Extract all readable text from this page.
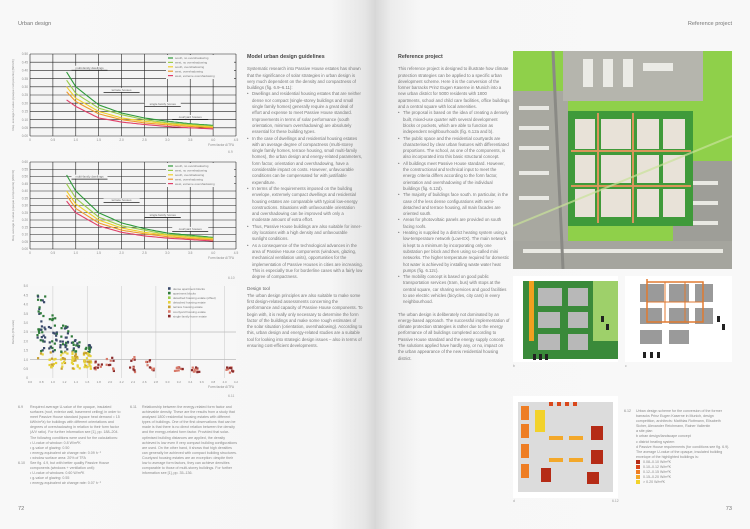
Urban design
0.00
0.05
0.10
0.15
0.20
0.25
0.30
0.35
0.40
0.45
0.50
0	0.5	1.0	1.5	2.0	2.5	3.0	3.5	4.0	4.5
Form factor A/TFA
Req. average U-value (opaque components) [W/m²K]	multi-family dwellings
terrace houses
single family homes
courtyard houses
south, no overshadowing
west, no overshadowing
south, overshadowing
west, overshadowing
west, extreme overshadowing
6.9
0.00
0.05
0.10
0.15
0.20
0.25
0.30
0.35
0.40
0.45
0.50
0.55
0.60
0	0.5	1.0	1.5	2.0	2.5	3.0	3.5	4.0	4.5
Form factor A/TFA
Req. average U-value (opaque components) [W/m²K]	multi-family dwellings
terrace houses
single family homes
courtyard houses
south, no overshadowing
west, no overshadowing
south, overshadowing
west, overshadowing
west, extreme overshadowing
6.10
0
0.5
1.0
1.5
2.0
2.5
3.0
3.5
4.0
4.5
5.0
0.6 0.8 1.0 1.2 1.4 1.6 1.8 2.0 2.2 2.4 2.6 2.8 3.0 3.2 3.4 3.6 3.8 4.0 4.2
Form factor A/TFA
Density (FSI-ratio)
dense apartment blocks
apartment blocks
detached housing estate (offset)
detached housing estate
terrace housing estate
courtyard housing estate
single family home estate
6.11
6.9 Required average U-value of the opaque, insulated surfaces (roof, exterior wall, basement ceiling) in order to meet Passive House standard (space heat demand = 15 kWh/m²a) for buildings with different orientations and degrees of overshadowing in relation to their form factor (A/V ratio). For further information see [1], pp. 188–204. The following conditions were used for the calculations:
• U-value of window: 0.8 W/m²K
• g-value of glazing: 0.50
• energy-equivalent air change rate: 0.09 h⁻¹
• window surface area: 20% of TFA
6.10 See fig. 4.9, but with better quality Passive House components (windows + ventilation unit):
• U-value of windows: 0.60 W/m²K
• g-value of glazing: 0.55
• energy-equivalent air change rate: 0.07 h⁻¹
6.11 Relationship between the energy-related form factor and achievable density. These are the results from a study that analysed 1800 residential housing estates with different types of buildings. One of the first observations that can be made is that there is no direct relation between the density and the energy-related form factor. Provided that solar-optimised building distances are applied, the density achieved is low even if very compact building configurations are used. On the other hand, it shows that high densities can generally be achieved with compact building structures. Courtyard housing estates are an exception: despite their low to average form factors, they can achieve densities comparable to those of multi-storey buildings. For further information see [1], pp. 35–136.
Model urban design guidelines

Systematic research into Passive House estates has shown that the significance of solar strategies in urban design is very much dependent on the density and compactness of buildings (fig. 6.9–6.11):

• Dwellings and residential housing estates that are neither dense nor compact (single-storey buildings and small single family homes) generally require a great deal of effort and expense to meet Passive House standard. Improvements in terms of solar performance (south orientation, minimum overshadowing) are absolutely essential for these building types.
• In the case of dwellings and residential housing estates with an average degree of compactness (multi-storey single family homes, terrace housing, small multi-family homes), the urban design and energy-related parameters, form factor, orientation and overshadowing, have a considerable impact on costs. However, unfavourable conditions can be compensated for with justifiable expenditure.
• In terms of the requirements imposed on the building envelope, extremely compact dwellings and residential housing estates are comparable with typical low-energy constructions. Situations with unfavourable orientation and overshadowing can be improved with only a moderate amount of extra effort.
• Thus, Passive House buildings are also suitable for inner-city locations with a high density and unfavourable sunlight conditions.
• As a consequence of the technological advances in the area of Passive House components (windows, glazing, mechanical ventilation units), opportunities for the implementation of Passive Houses in cities are increasing. This is especially true for borderline cases with a fairly low degree of compactness.
Design tool

The urban design principles are also suitable to make some first design-related assessments concerning the performance and capacity of Passive House components. To begin with, it is really only necessary to determine the form factor of the buildings and make some rough estimates of the solar situation (orientation, overshadowing). According to this, urban design and energy-related studies are a suitable tool for looking into strategic design issues – also in terms of ensuring cost-efficient developments.

72
Reference project
Reference project

This reference project is designed to illustrate how climate protection strategies can be applied to a specific urban development scheme. Here it is the conversion of the former barracks Prinz Eugen Kaserne in Munich into a new urban district for 5000 residents with 1800 apartments, school and child care facilities, office buildings and a central square with local amenities.

• The proposal is based on the idea of creating a densely built, mixed-use quarter with several development blocks or pockets, which are able to function as independent neighbourhoods (fig. 6.12a and b).
• The public space and the residential courtyards are characterised by clear urban features with differentiated proportions. The school, as one of the components, is also incorporated into this basic structural concept.
• All buildings meet Passive House standard. However, the constructional and technical input to meet the energy criteria differs according to the form factor, orientation and overshadowing of the individual buildings (fig. 6.12d).
• The majority of buildings face south. In particular, in the case of the less dense configurations with semi-detached and terrace housing, all main facades are oriented south.
• Areas for photovoltaic panels are provided on south facing roofs.
• Heating is supplied by a district heating system using a low-temperature network (Low-EX). The main network is kept to a minimum by incorporating only one substation per block and then using so-called mini networks. The higher temperature required for domestic hot water is achieved by installing waste water heat pumps (fig. 6.12c).
• The mobility concept is based on good public transportation services (tram, bus) with stops at the central square, car sharing services and good facilities to use electric vehicles (bicycles, city cars) in every neighbourhood.

The urban design is deliberately not dominated by an energy-based approach. The successful implementation of climate protection strategies is rather due to the energy performance of all buildings completed according to Passive House standard and the energy supply concept. The solutions applied have hardly any, or no, impact on the urban appearance of the new residential housing district.

b	c
d	6.12
6.12 Urban design scheme for the conversion of the former barracks Prinz Eugen Kaserne in Munich, design competition, architects: Matthias Rottmann, Elisabeth Sicher, Alexander Reichmann, Rainer Vallentin
a site plan
b urban design/landscape concept
c district heating system
d Passive House requirements (for conditions see fig. 6.9). The average U-value of the opaque, insulated building envelope of the highlighted buildings is:
0.08–0.10 W/m²K
0.10–0.12 W/m²K
0.12–0.15 W/m²K
0.15–0.20 W/m²K
> 0.20 W/m²K
73
